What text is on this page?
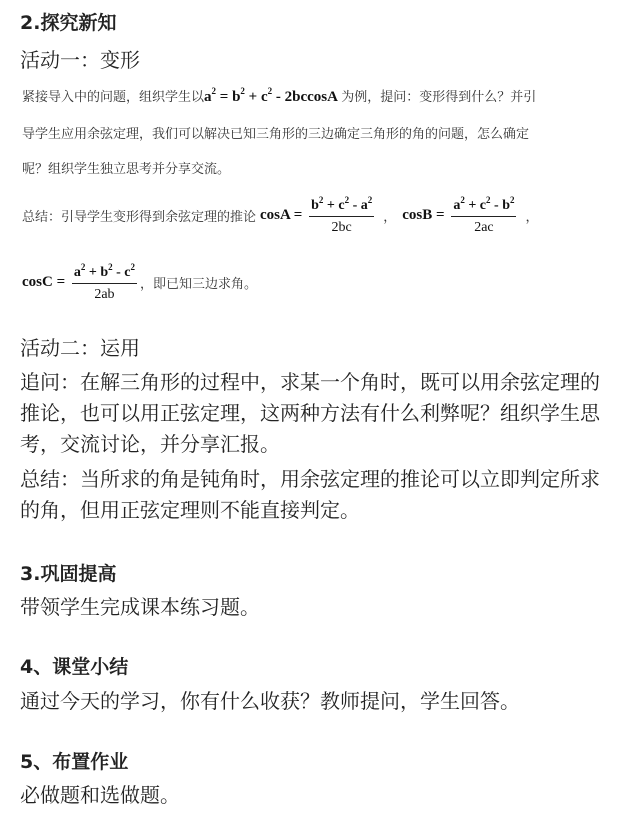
2.探究新知
活动一：变形
紧接导入中的问题，组织学生以$a^2 = b^2 + c^2 - 2bccosA$ 为例，提问：变形得到什么？并引
导学生应用余弦定理，我们可以解决已知三角形的三边确定三角形的角的问题，怎么确定
呢？组织学生独立思考并分享交流。
总结：引导学生变形得到余弦定理的推论 $\cos A = \frac{b^2 + c^2 - a^2}{2bc}$ ， $\cos B = \frac{a^2 + c^2 - b^2}{2ac}$ ，
$\cos C = \frac{a^2 + b^2 - c^2}{2ab}$ ，即已知三边求角。
活动二：运用
追问：在解三角形的过程中，求某一个角时，既可以用余弦定理的推论，也可以用正弦定理，这两种方法有什么利弊呢？组织学生思考，交流讨论，并分享汇报。
总结：当所求的角是钝角时，用余弦定理的推论可以立即判定所求的角，但用正弦定理则不能直接判定。
3.巩固提高
带领学生完成课本练习题。
4、课堂小结
通过今天的学习，你有什么收获？教师提问，学生回答。
5、布置作业
必做题和选做题。
